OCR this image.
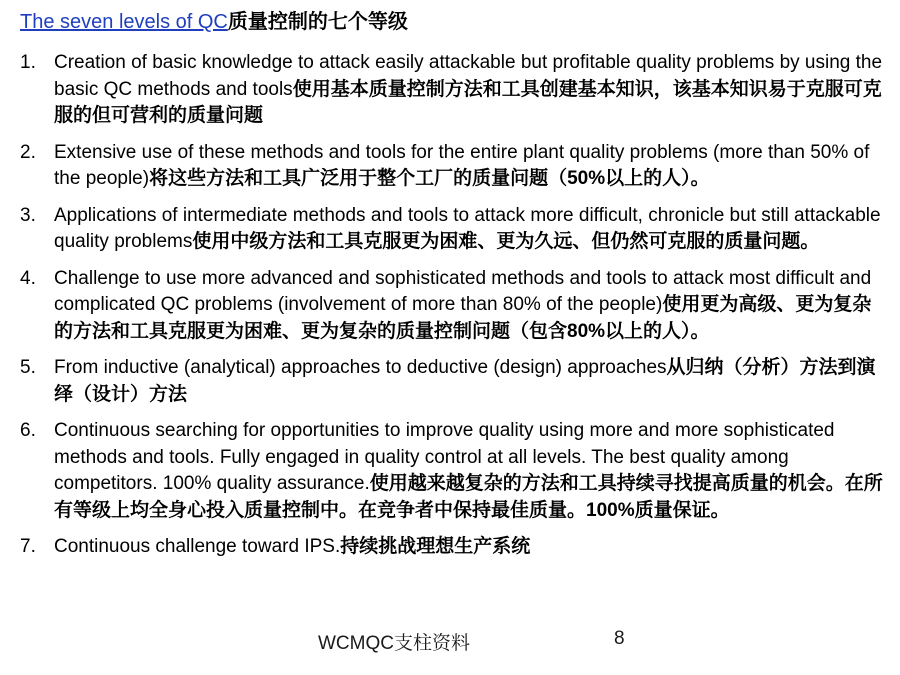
The seven levels of QC质量控制的七个等级
1. Creation of basic knowledge to attack easily attackable but profitable quality problems by using the basic QC methods and tools使用基本质量控制方法和工具创建基本知识，该基本知识易于克服可克服的但可营利的质量问题
2. Extensive use of these methods and tools for the entire plant quality problems (more than 50% of the people)将这些方法和工具广泛用于整个工厂的质量问题（50%以上的人）。
3. Applications of intermediate methods and tools to attack more difficult, chronicle but still attackable quality problems使用中级方法和工具克服更为困难、更为久远、但仍然可克服的质量问题。
4. Challenge to use more advanced and sophisticated methods and tools to attack most difficult and complicated QC problems (involvement of more than 80% of the people)使用更为高级、更为复杂的方法和工具克服更为困难、更为复杂的质量控制问题（包含80%以上的人）。
5. From inductive (analytical) approaches to deductive (design) approaches从归纳（分析）方法到演绎（设计）方法
6. Continuous searching for opportunities to improve quality using more and more sophisticated methods and tools. Fully engaged in quality control at all levels. The best quality among competitors. 100% quality assurance.使用越来越复杂的方法和工具持续寻找提高质量的机会。在所有等级上均全身心投入质量控制中。在竞争者中保持最佳质量。100%质量保证。
7. Continuous challenge toward IPS.持续挑战理想生产系统
WCMQC支柱资料	8
